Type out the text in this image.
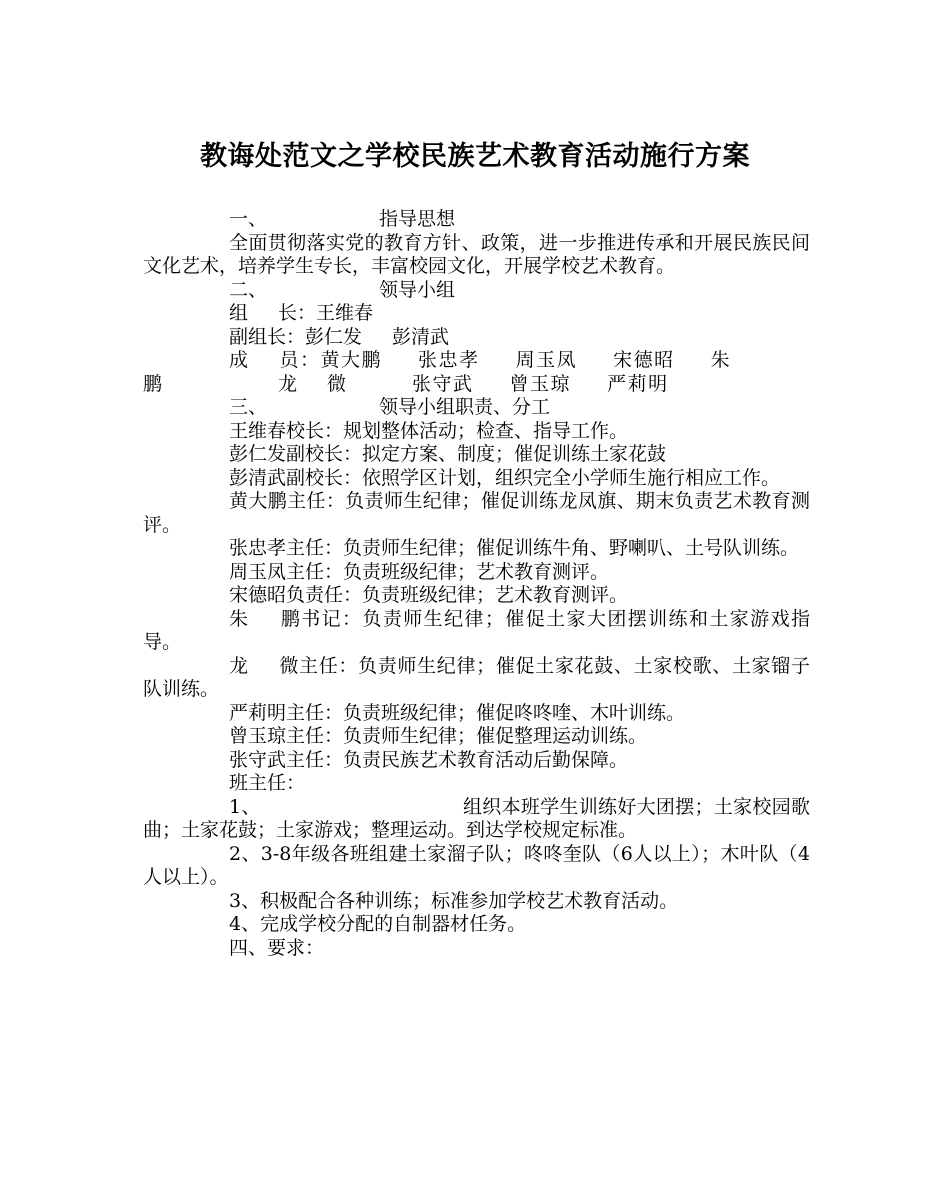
教诲处范文之学校民族艺术教育活动施行方案

一、	指导思想

全面贯彻落实党的教育方针、政策，进一步推进传承和开展民族民间文化艺术，培养学生专长，丰富校园文化，开展学校艺术教育。

二、	领导小组

组 长：王维春

副组长：彭仁发 彭清武

成 员：黄大鹏 张忠孝 周玉凤 宋德昭 朱鹏 龙微 张守武 曾玉琼 严莉明

三、	领导小组职责、分工

王维春校长：规划整体活动；检查、指导工作。

彭仁发副校长：拟定方案、制度；催促训练土家花鼓

彭清武副校长：依照学区计划，组织完全小学师生施行相应工作。

黄大鹏主任：负责师生纪律；催促训练龙凤旗、期末负责艺术教育测评。

张忠孝主任：负责师生纪律；催促训练牛角、野喇叭、土号队训练。

周玉凤主任：负责班级纪律；艺术教育测评。

宋德昭负责任：负责班级纪律；艺术教育测评。

朱 鹏书记：负责师生纪律；催促土家大团摆训练和土家游戏指导。

龙 微主任：负责师生纪律；催促土家花鼓、土家校歌、土家镏子队训练。

严莉明主任：负责班级纪律；催促咚咚喹、木叶训练。

曾玉琼主任：负责师生纪律；催促整理运动训练。

张守武主任：负责民族艺术教育活动后勤保障。

班主任：

1、	组织本班学生训练好大团摆；土家校园歌曲；土家花鼓；土家游戏；整理运动。到达学校规定标准。

2、3-8年级各班组建土家溜子队；咚咚奎队（6人以上）；木叶队（4人以上）。

3、积极配合各种训练；标准参加学校艺术教育活动。

4、完成学校分配的自制器材任务。

四、要求：
